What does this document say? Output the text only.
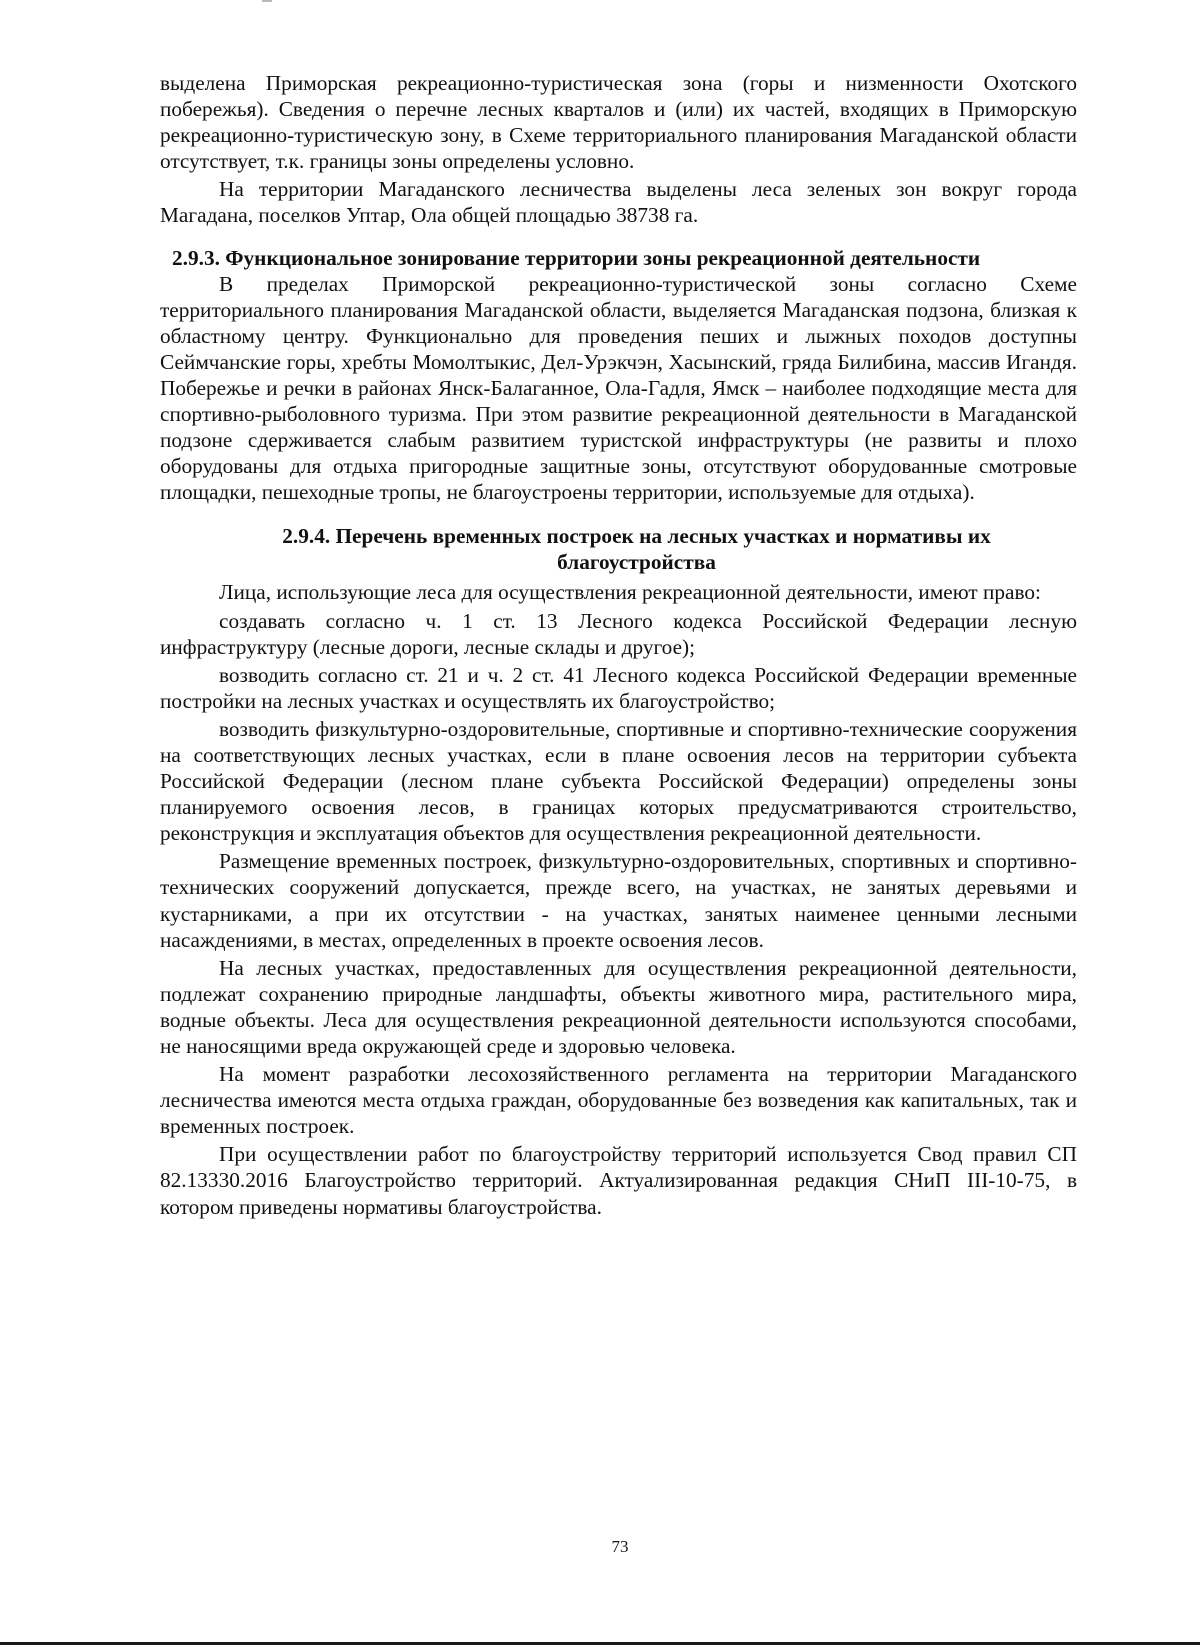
выделена Приморская рекреационно-туристическая зона (горы и низменности Охотского побережья). Сведения о перечне лесных кварталов и (или) их частей, входящих в Приморскую рекреационно-туристическую зону, в Схеме территориального планирования Магаданской области отсутствует, т.к. границы зоны определены условно.

На территории Магаданского лесничества выделены леса зеленых зон вокруг города Магадана, поселков Уптар, Ола общей площадью 38738 га.

2.9.3. Функциональное зонирование территории зоны рекреационной деятельности

В пределах Приморской рекреационно-туристической зоны согласно Схеме территориального планирования Магаданской области, выделяется Магаданская подзона, близкая к областному центру. Функционально для проведения пеших и лыжных походов доступны Сеймчанские горы, хребты Момолтыкис, Дел-Урэкчэн, Хасынский, гряда Билибина, массив Игандя. Побережье и речки в районах Янск-Балаганное, Ола-Гадля, Ямск – наиболее подходящие места для спортивно-рыболовного туризма. При этом развитие рекреационной деятельности в Магаданской подзоне сдерживается слабым развитием туристской инфраструктуры (не развиты и плохо оборудованы для отдыха пригородные защитные зоны, отсутствуют оборудованные смотровые площадки, пешеходные тропы, не благоустроены территории, используемые для отдыха).

2.9.4. Перечень временных построек на лесных участках и нормативы их
благоустройства

Лица, использующие леса для осуществления рекреационной деятельности, имеют право:

создавать согласно ч. 1 ст. 13 Лесного кодекса Российской Федерации лесную инфраструктуру (лесные дороги, лесные склады и другое);

возводить согласно ст. 21 и ч. 2 ст. 41 Лесного кодекса Российской Федерации временные постройки на лесных участках и осуществлять их благоустройство;

возводить физкультурно-оздоровительные, спортивные и спортивно-технические сооружения на соответствующих лесных участках, если в плане освоения лесов на территории субъекта Российской Федерации (лесном плане субъекта Российской Федерации) определены зоны планируемого освоения лесов, в границах которых предусматриваются строительство, реконструкция и эксплуатация объектов для осуществления рекреационной деятельности.

Размещение временных построек, физкультурно-оздоровительных, спортивных и спортивно-технических сооружений допускается, прежде всего, на участках, не занятых деревьями и кустарниками, а при их отсутствии - на участках, занятых наименее ценными лесными насаждениями, в местах, определенных в проекте освоения лесов.

На лесных участках, предоставленных для осуществления рекреационной деятельности, подлежат сохранению природные ландшафты, объекты животного мира, растительного мира, водные объекты. Леса для осуществления рекреационной деятельности используются способами, не наносящими вреда окружающей среде и здоровью человека.

На момент разработки лесохозяйственного регламента на территории Магаданского лесничества имеются места отдыха граждан, оборудованные без возведения как капитальных, так и временных построек.

При осуществлении работ по благоустройству территорий используется Свод правил СП 82.13330.2016 Благоустройство территорий. Актуализированная редакция СНиП III-10-75, в котором приведены нормативы благоустройства.

73
